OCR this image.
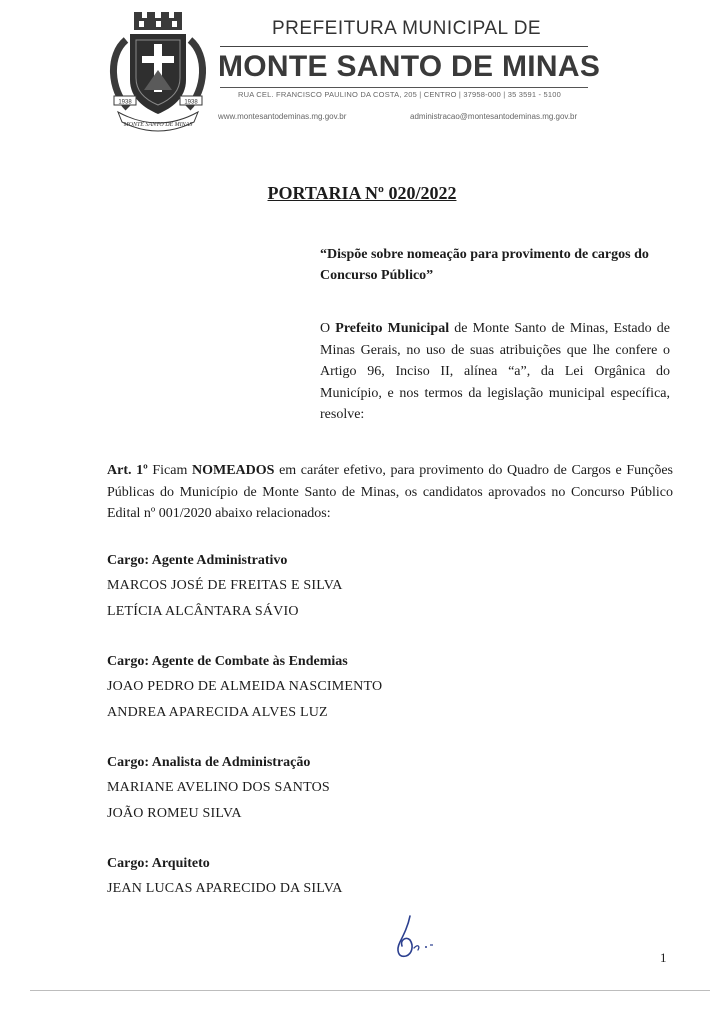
1938	1938
MONTE SANTO DE MINAS
PREFEITURA MUNICIPAL DE
MONTE SANTO DE MINAS
RUA CEL. FRANCISCO PAULINO DA COSTA, 205 | CENTRO | 37958-000 | 35 3591 - 5100
www.montesantodeminas.mg.gov.br	administracao@montesantodeminas.mg.gov.br
PORTARIA Nº 020/2022
“Dispõe sobre nomeação para provimento de cargos do Concurso Público”
O Prefeito Municipal de Monte Santo de Minas, Estado de Minas Gerais, no uso de suas atribuições que lhe confere o Artigo 96, Inciso II, alínea “a”, da Lei Orgânica do Município, e nos termos da legislação municipal específica, resolve:
Art. 1º Ficam NOMEADOS em caráter efetivo, para provimento do Quadro de Cargos e Funções Públicas do Município de Monte Santo de Minas, os candidatos aprovados no Concurso Público Edital nº 001/2020 abaixo relacionados:
Cargo: Agente Administrativo
MARCOS JOSÉ DE FREITAS E SILVA
LETÍCIA ALCÂNTARA SÁVIO
Cargo: Agente de Combate às Endemias
JOAO PEDRO DE ALMEIDA NASCIMENTO
ANDREA APARECIDA ALVES LUZ
Cargo: Analista de Administração
MARIANE AVELINO DOS SANTOS
JOÃO ROMEU SILVA
Cargo: Arquiteto
JEAN LUCAS APARECIDO DA SILVA
1
